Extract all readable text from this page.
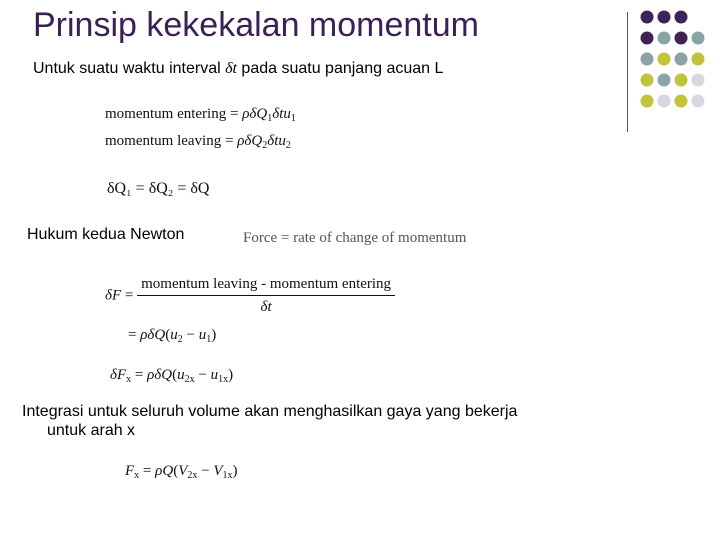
Prinsip kekekalan momentum
Untuk suatu waktu interval δt pada suatu panjang acuan L
momentum entering = ρδQ$_1$δtu$_1$
momentum leaving = ρδQ$_2$δtu$_2$
δQ₁ = δQ₂ = δQ
Hukum kedua Newton	Force = rate of change of momentum
$\delta F = \frac{\text{momentum leaving - momentum entering}}{\delta t}$
= $\rho\delta Q(u_2 - u_1)$
$\delta F_x = \rho\delta Q(u_{2x} - u_{1x})$
Integrasi untuk seluruh volume akan menghasilkan gaya yang bekerja
untuk arah x
$F_x = \rho Q(V_{2x} - V_{1x})$
